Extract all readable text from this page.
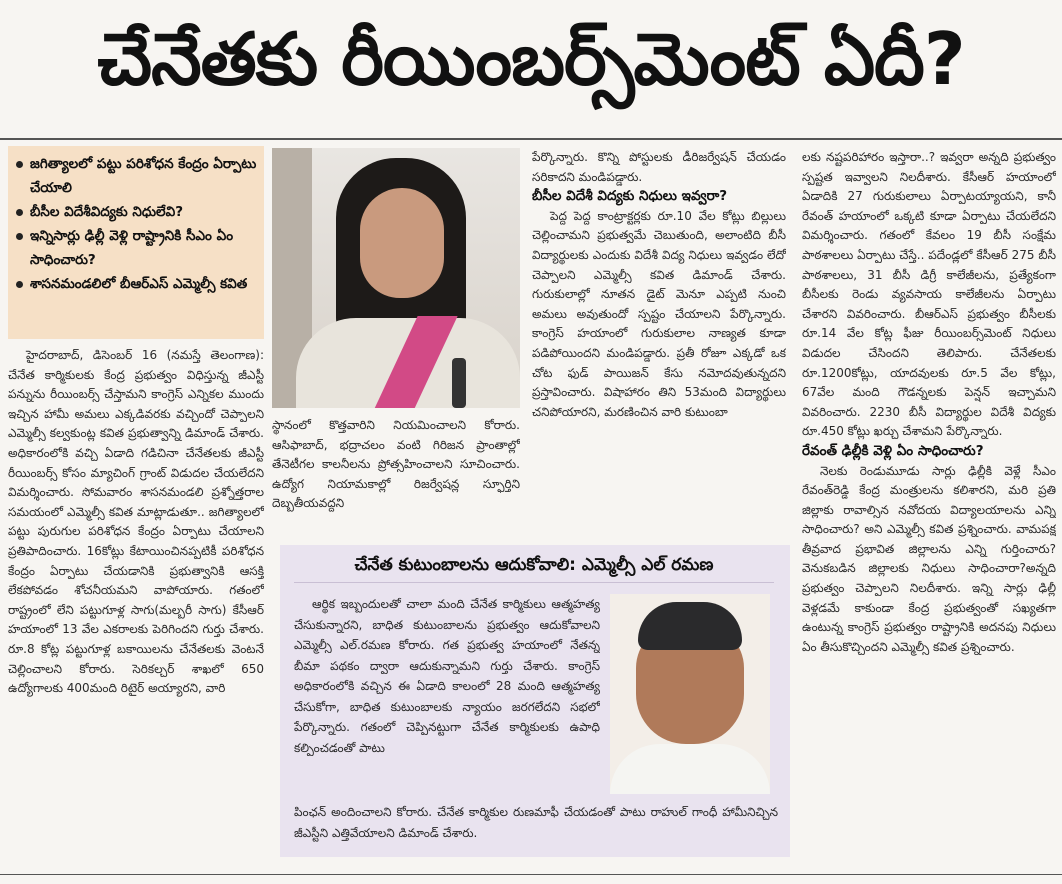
చేనేతకు రీయింబర్స్‌మెంట్ ఏదీ?
జగిత్యాలలో పట్టు పరిశోధన కేంద్రం ఏర్పాటు చేయాలి
బీసీల విదేశీవిద్యకు నిధులేవి?
ఇన్నిసార్లు ఢిల్లీ వెళ్లి రాష్ట్రానికి సీఎం ఏం సాధించారు?
శాసనమండలిలో బీఆర్ఎస్ ఎమ్మెల్సీ కవిత

హైదరాబాద్, డిసెంబర్ 16 (నమస్తే తెలంగాణ): చేనేత కార్మికులకు కేంద్ర ప్రభుత్వం విధిస్తున్న జీఎస్టీ పన్నును రీయింబర్స్ చేస్తామని కాంగ్రెస్ ఎన్నికల ముందు ఇచ్చిన హామీ అమలు ఎక్కడివరకు వచ్చిందో చెప్పాలని ఎమ్మెల్సీ కల్వకుంట్ల కవిత ప్రభుత్వాన్ని డిమాండ్ చేశారు. అధికారంలోకి వచ్చి ఏడాది గడిచినా చేనేతలకు జీఎస్టీ రీయింబర్స్ కోసం మ్యాచింగ్ గ్రాంట్ విడుదల చేయలేదని విమర్శించారు. సోమవారం శాసనమండలి ప్రశ్నోత్తరాల సమయంలో ఎమ్మెల్సీ కవిత మాట్లాడుతూ.. జగిత్యాలలో పట్టు పురుగుల పరిశోధన కేంద్రం ఏర్పాటు చేయాలని ప్రతిపాదించారు. 16కోట్లు కేటాయించినప్పటికీ పరిశోధన కేంద్రం ఏర్పాటు చేయడానికి ప్రభుత్వానికి ఆసక్తి లేకపోవడం శోచనీయమని వాపోయారు. గతంలో రాష్ట్రంలో లేని పట్టుగూళ్ల సాగు(మల్బరీ సాగు) కేసీఆర్ హయాంలో 13 వేల ఎకరాలకు పెరిగిందని గుర్తు చేశారు. రూ.8 కోట్ల పట్టుగూళ్ల బకాయిలను చేనేతలకు వెంటనే చెల్లించాలని కోరారు. సెరికల్చర్ శాఖలో 650 ఉద్యోగాలకు 400మంది రిటైర్ అయ్యారని, వారి

స్థానంలో కొత్తవారిని నియమించాలని కోరారు. ఆసిఫాబాద్, భద్రాచలం వంటి గిరిజన ప్రాంతాల్లో తేనెటీగల కాలనీలను ప్రోత్సహించాలని సూచించారు. ఉద్యోగ నియామకాల్లో రిజర్వేషన్ల స్ఫూర్తిని దెబ్బతీయవద్దని

పేర్కొన్నారు. కొన్ని పోస్టులకు డీరిజర్వేషన్ చేయడం సరికాదని మండిపడ్డారు.

బీసీల విదేశీ విద్యకు నిధులు ఇవ్వరా?

పెద్ద పెద్ద కాంట్రాక్టర్లకు రూ.10 వేల కోట్లు బిల్లులు చెల్లించామని ప్రభుత్వమే చెబుతుంది, అలాంటిది బీసీ విద్యార్థులకు ఎందుకు విదేశీ విద్య నిధులు ఇవ్వడం లేదో చెప్పాలని ఎమ్మెల్సీ కవిత డిమాండ్ చేశారు. గురుకులాల్లో నూతన డైట్ మెనూ ఎప్పటి నుంచి అమలు అవుతుందో స్పష్టం చేయాలని పేర్కొన్నారు. కాంగ్రెస్ హయాంలో గురుకులాల నాణ్యత కూడా పడిపోయిందని మండిపడ్డారు. ప్రతీ రోజూ ఎక్కడో ఒక చోట ఫుడ్ పాయిజన్ కేసు నమోదవుతున్నదని ప్రస్తావించారు. విషాహారం తిని 53మంది విద్యార్థులు చనిపోయారని, మరణించిన వారి కుటుంబా

లకు నష్టపరిహారం ఇస్తారా..? ఇవ్వరా అన్నది ప్రభుత్వం స్పష్టత ఇవ్వాలని నిలదీశారు. కేసీఆర్ హయాంలో ఏడాదికి 27 గురుకులాలు ఏర్పాటయ్యాయని, కానీ రేవంత్ హయాంలో ఒక్కటి కూడా ఏర్పాటు చేయలేదని విమర్శించారు. గతంలో కేవలం 19 బీసీ సంక్షేమ పాఠశాలలు ఏర్పాటు చేస్తే.. పదేండ్లలో కేసీఆర్ 275 బీసీ పాఠశాలలు, 31 బీసీ డిగ్రీ కాలేజీలను, ప్రత్యేకంగా బీసీలకు రెండు వ్యవసాయ కాలేజీలను ఏర్పాటు చేశారని వివరించారు. బీఆర్ఎస్ ప్రభుత్వం బీసీలకు రూ.14 వేల కోట్ల ఫీజు రీయింబర్స్‌మెంట్ నిధులు విడుదల చేసిందని తెలిపారు. చేనేతలకు రూ.1200కోట్లు, యాదవులకు రూ.5 వేల కోట్లు, 67వేల మంది గౌడన్నలకు పెన్షన్ ఇచ్చామని వివరించారు. 2230 బీసీ విద్యార్థుల విదేశీ విద్యకు రూ.450 కోట్లు ఖర్చు చేశామని పేర్కొన్నారు.

రేవంత్ ఢిల్లీకి వెళ్లి ఏం సాధించారు?

నెలకు రెండుమూడు సార్లు ఢిల్లీకి వెళ్లే సీఎం రేవంత్‌రెడ్డి కేంద్ర మంత్రులను కలిశారని, మరి ప్రతి జిల్లాకు రావాల్సిన నవోదయ విద్యాలయాలను ఎన్ని సాధించారు? అని ఎమ్మెల్సీ కవిత ప్రశ్నించారు. వామపక్ష తీవ్రవాద ప్రభావిత జిల్లాలను ఎన్ని గుర్తించారు? వెనుకబడిన జిల్లాలకు నిధులు సాధించారా?అన్నది ప్రభుత్వం చెప్పాలని నిలదీశారు. ఇన్ని సార్లు ఢిల్లీ వెళ్లడమే కాకుండా కేంద్ర ప్రభుత్వంతో సఖ్యతగా ఉంటున్న కాంగ్రెస్ ప్రభుత్వం రాష్ట్రానికి అదనపు నిధులు ఏం తీసుకొచ్చిందని ఎమ్మెల్సీ కవిత ప్రశ్నించారు.

చేనేత కుటుంబాలను ఆదుకోవాలి: ఎమ్మెల్సీ ఎల్ రమణ

ఆర్థిక ఇబ్బందులతో చాలా మంది చేనేత కార్మికులు ఆత్మహత్య చేసుకున్నారని, బాధిత కుటుంబాలను ప్రభుత్వం ఆదుకోవాలని ఎమ్మెల్సీ ఎల్.రమణ కోరారు. గత ప్రభుత్వ హయాంలో నేతన్న బీమా పథకం ద్వారా ఆదుకున్నామని గుర్తు చేశారు. కాంగ్రెస్ అధికారంలోకి వచ్చిన ఈ ఏడాది కాలంలో 28 మంది ఆత్మహత్య చేసుకోగా, బాధిత కుటుంబాలకు న్యాయం జరగలేదని సభలో పేర్కొన్నారు. గతంలో చెప్పినట్టుగా చేనేత కార్మికులకు ఉపాధి కల్పించడంతో పాటు

పింఛన్ అందించాలని కోరారు. చేనేత కార్మికుల రుణమాఫీ చేయడంతో పాటు రాహుల్ గాంధీ హామీనిచ్చిన జీఎస్టీని ఎత్తివేయాలని డిమాండ్ చేశారు.
